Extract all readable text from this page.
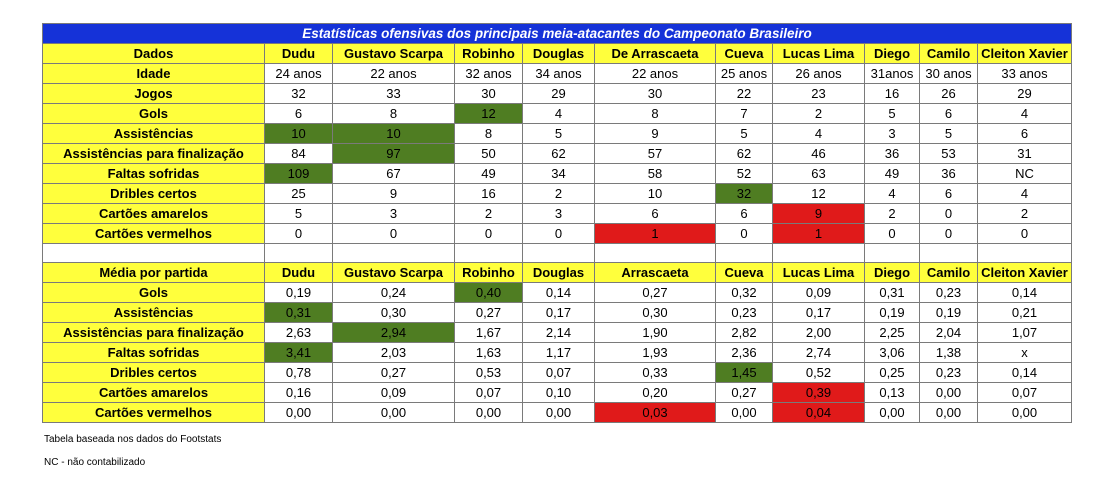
Estatísticas ofensivas dos principais meia-atacantes do Campeonato Brasileiro										
Dados	Dudu	Gustavo Scarpa	Robinho	Douglas	De Arrascaeta	Cueva	Lucas Lima	Diego	Camilo	Cleiton Xavier
Idade	24 anos	22 anos	32 anos	34 anos	22 anos	25 anos	26 anos	31anos	30 anos	33 anos
Jogos	32	33	30	29	30	22	23	16	26	29
Gols	6	8	12	4	8	7	2	5	6	4
Assistências	10	10	8	5	9	5	4	3	5	6
Assistências para finalização	84	97	50	62	57	62	46	36	53	31
Faltas sofridas	109	67	49	34	58	52	63	49	36	NC
Dribles certos	25	9	16	2	10	32	12	4	6	4
Cartões amarelos	5	3	2	3	6	6	9	2	0	2
Cartões vermelhos	0	0	0	0	1	0	1	0	0	0

Média por partida	Dudu	Gustavo Scarpa	Robinho	Douglas	Arrascaeta	Cueva	Lucas Lima	Diego	Camilo	Cleiton Xavier
Gols	0,19	0,24	0,40	0,14	0,27	0,32	0,09	0,31	0,23	0,14
Assistências	0,31	0,30	0,27	0,17	0,30	0,23	0,17	0,19	0,19	0,21
Assistências para finalização	2,63	2,94	1,67	2,14	1,90	2,82	2,00	2,25	2,04	1,07
Faltas sofridas	3,41	2,03	1,63	1,17	1,93	2,36	2,74	3,06	1,38	x
Dribles certos	0,78	0,27	0,53	0,07	0,33	1,45	0,52	0,25	0,23	0,14
Cartões amarelos	0,16	0,09	0,07	0,10	0,20	0,27	0,39	0,13	0,00	0,07
Cartões vermelhos	0,00	0,00	0,00	0,00	0,03	0,00	0,04	0,00	0,00	0,00
Tabela baseada nos dados do Footstats
NC - não contabilizado
